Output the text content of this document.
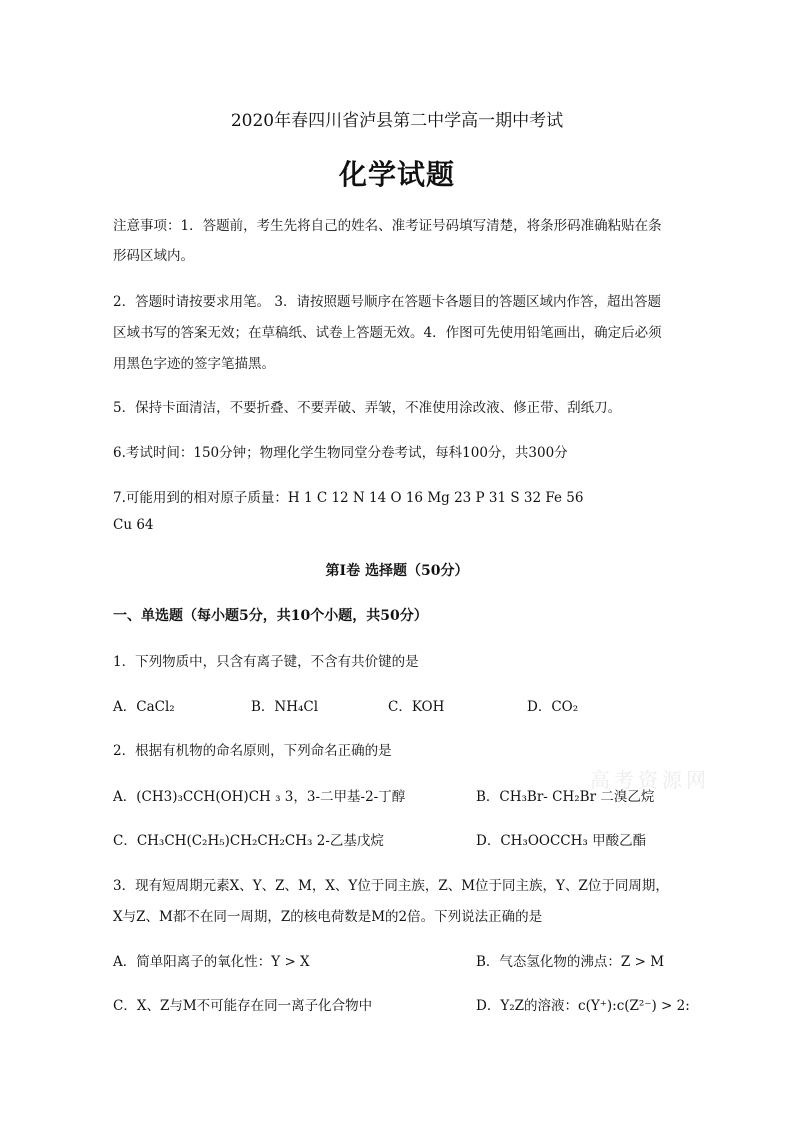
2020年春四川省泸县第二中学高一期中考试
化学试题
注意事项：1．答题前，考生先将自己的姓名、准考证号码填写清楚，将条形码准确粘贴在条
形码区域内。
2．答题时请按要求用笔。 3．请按照题号顺序在答题卡各题目的答题区域内作答，超出答题
区域书写的答案无效；在草稿纸、试卷上答题无效。4．作图可先使用铅笔画出，确定后必须
用黑色字迹的签字笔描黑。
5．保持卡面清洁，不要折叠、不要弄破、弄皱，不准使用涂改液、修正带、刮纸刀。
6.考试时间：150分钟；物理化学生物同堂分卷考试，每科100分，共300分
7.可能用到的相对原子质量：H 1 C 12 N 14 O 16 Mg 23 P 31 S 32 Fe 56
Cu 64
第I卷 选择题（50分）
一、单选题（每小题5分，共10个小题，共50分）
1．下列物质中，只含有离子键，不含有共价键的是
A．CaCl₂	B．NH₄Cl	C．KOH	D．CO₂
2．根据有机物的命名原则，下列命名正确的是
A．(CH3)₃CCH(OH)CH ₃ 3，3-二甲基-2-丁醇	B．CH₃Br- CH₂Br 二溴乙烷
C．CH₃CH(C₂H₅)CH₂CH₂CH₃ 2-乙基戊烷	D．CH₃OOCCH₃ 甲酸乙酯
3．现有短周期元素X、Y、Z、M，X、Y位于同主族，Z、M位于同主族，Y、Z位于同周期，
X与Z、M都不在同一周期，Z的核电荷数是M的2倍。下列说法正确的是
A．简单阳离子的氧化性：Y > X	B．气态氢化物的沸点：Z > M
C．X、Z与M不可能存在同一离子化合物中	D．Y₂Z的溶液：c(Y⁺):c(Z²⁻) > 2:
高考资源网
